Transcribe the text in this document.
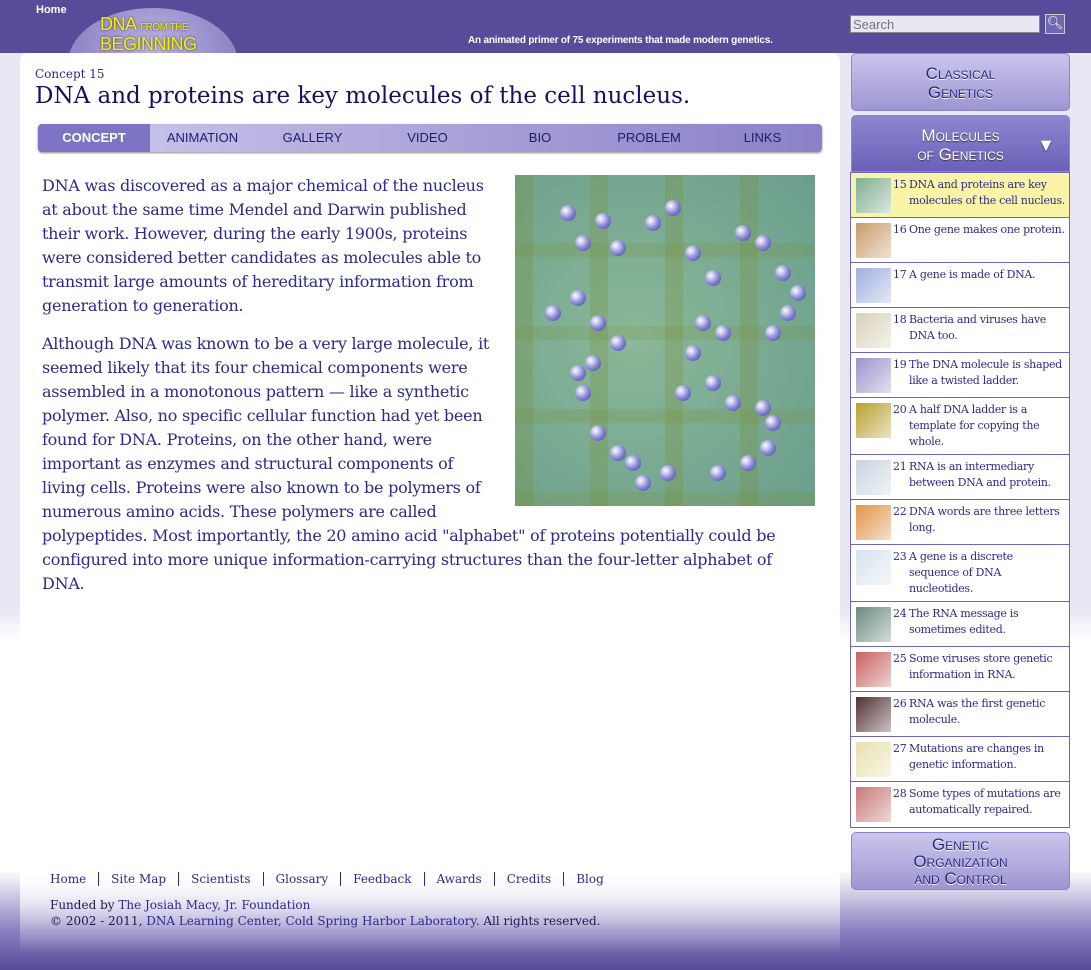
Home
DNA FROM THE
BEGINNING	An animated primer of 75 experiments that made modern genetics.
Search
🔍︎
Concept 15
DNA and proteins are key molecules of the cell nucleus.
CONCEPT	ANIMATION	GALLERY	VIDEO	BIO	PROBLEM	LINKS

DNA was discovered as a major chemical of the nucleus at about the same time Mendel and Darwin published their work. However, during the early 1900s, proteins were considered better candidates as molecules able to transmit large amounts of hereditary information from generation to generation.

Although DNA was known to be a very large molecule, it seemed likely that its four chemical components were assembled in a monotonous pattern — like a synthetic polymer. Also, no specific cellular function had yet been found for DNA. Proteins, on the other hand, were important as enzymes and structural components of living cells. Proteins were also known to be polymers of numerous amino acids. These polymers are called polypeptides. Most importantly, the 20 amino acid "alphabet" of proteins potentially could be configured into more unique information-carrying structures than the four-letter alphabet of DNA.

Home	Site Map	Scientists	Glossary	Feedback	Awards	Credits	Blog
Funded by The Josiah Macy, Jr. Foundation
© 2002 - 2011, DNA Learning Center, Cold Spring Harbor Laboratory. All rights reserved.
Classical
Genetics
Molecules
of Genetics ▼
15 DNA and proteins are key molecules of the cell nucleus.
16 One gene makes one protein.
17 A gene is made of DNA.
18 Bacteria and viruses have DNA too.
19 The DNA molecule is shaped like a twisted ladder.
20 A half DNA ladder is a template for copying the whole.
21 RNA is an intermediary between DNA and protein.
22 DNA words are three letters long.
23 A gene is a discrete sequence of DNA nucleotides.
24 The RNA message is sometimes edited.
25 Some viruses store genetic information in RNA.
26 RNA was the first genetic molecule.
27 Mutations are changes in genetic information.
28 Some types of mutations are automatically repaired.
Genetic
Organization
and Control
